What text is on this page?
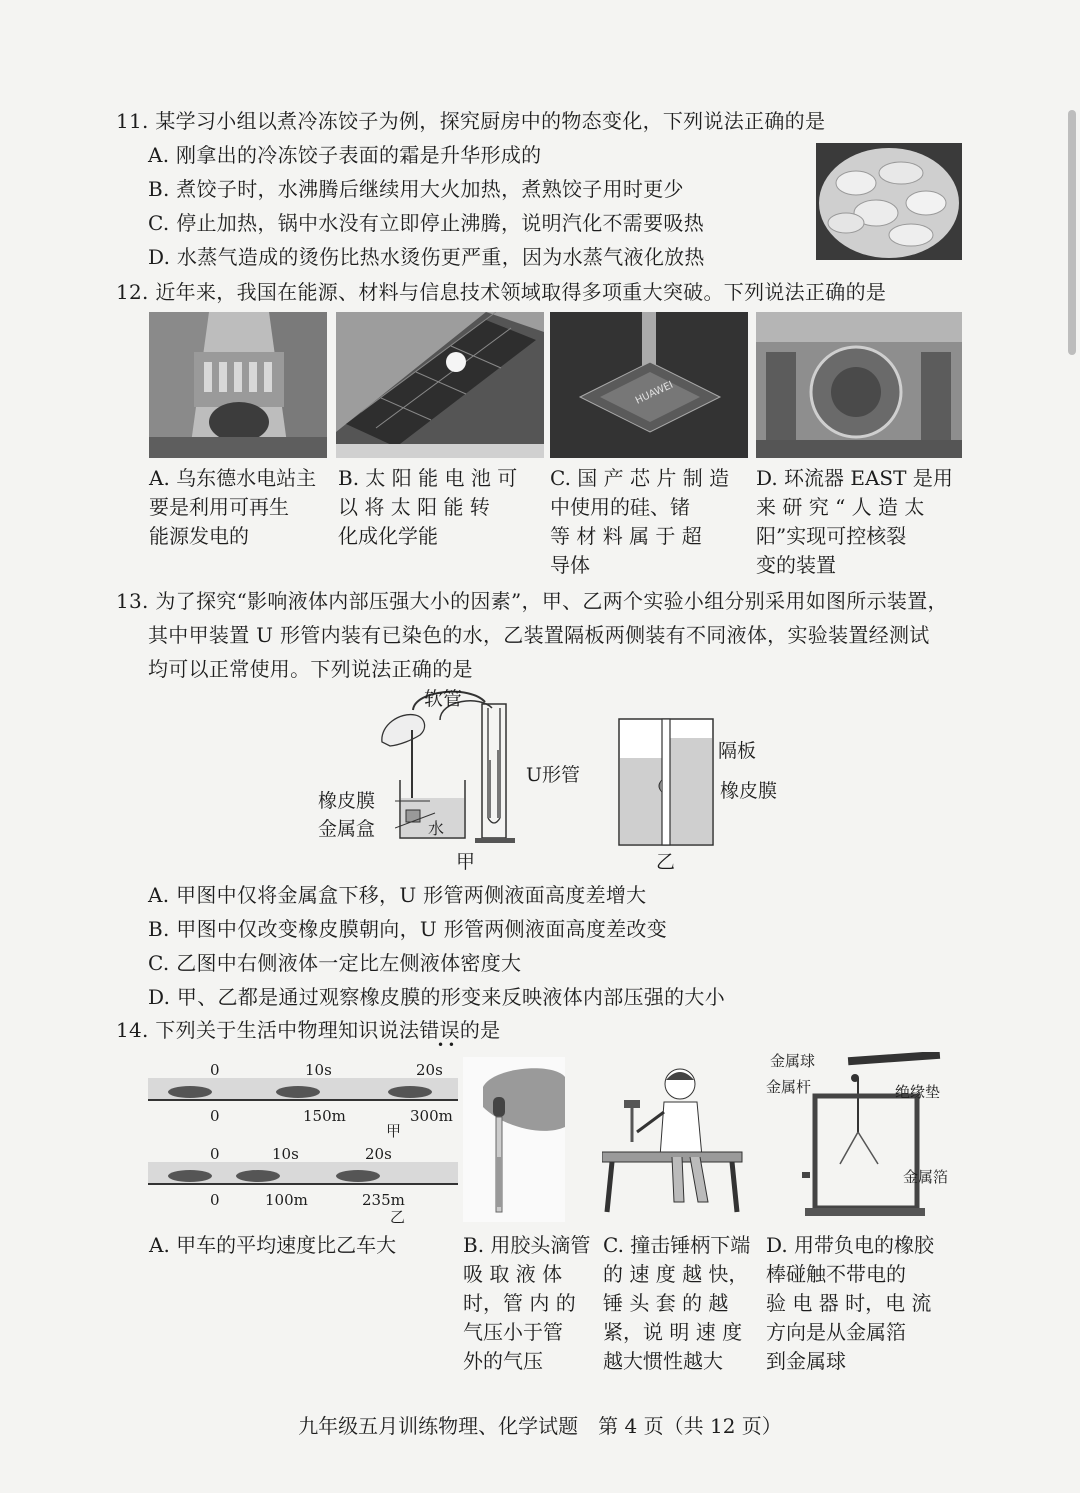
11. 某学习小组以煮冷冻饺子为例，探究厨房中的物态变化，下列说法正确的是
A. 刚拿出的冷冻饺子表面的霜是升华形成的
B. 煮饺子时，水沸腾后继续用大火加热，煮熟饺子用时更少
C. 停止加热，锅中水没有立即停止沸腾，说明汽化不需要吸热
D. 水蒸气造成的烫伤比热水烫伤更严重，因为水蒸气液化放热
12. 近年来，我国在能源、材料与信息技术领域取得多项重大突破。下列说法正确的是
HUAWEI
A. 乌东德水电站主
要是利用可再生
能源发电的
B. 太 阳 能 电 池 可
以 将 太 阳 能 转
化成化学能
C. 国 产 芯 片 制 造
中使用的硅、锗
等 材 料 属 于 超
导体
D. 环流器 EAST 是用
来 研 究 “ 人 造 太
阳”实现可控核裂
变的装置
13. 为了探究“影响液体内部压强大小的因素”，甲、乙两个实验小组分别采用如图所示装置，
其中甲装置 U 形管内装有已染色的水，乙装置隔板两侧装有不同液体，实验装置经测试
均可以正常使用。下列说法正确的是
软管
U形管
橡皮膜
金属盒	水
甲
隔板
橡皮膜
乙
A. 甲图中仅将金属盒下移，U 形管两侧液面高度差增大
B. 甲图中仅改变橡皮膜朝向，U 形管两侧液面高度差改变
C. 乙图中右侧液体一定比左侧液体密度大
D. 甲、乙都是通过观察橡皮膜的形变来反映液体内部压强的大小
14. 下列关于生活中物理知识说法错误的是
• •
0	10s	20s
0	150m	300m
甲
0	10s	20s
0	100m	235m
乙
金属球
金属杆	绝缘垫
金属箔
A. 甲车的平均速度比乙车大	B. 用胶头滴管
吸 取 液 体
时，管 内 的
气压小于管
外的气压
C. 撞击锤柄下端
的 速 度 越 快，
锤 头 套 的 越
紧，说 明 速 度
越大惯性越大
D. 用带负电的橡胶
棒碰触不带电的
验 电 器 时，电 流
方向是从金属箔
到金属球
九年级五月训练物理、化学试题　第 4 页（共 12 页）
